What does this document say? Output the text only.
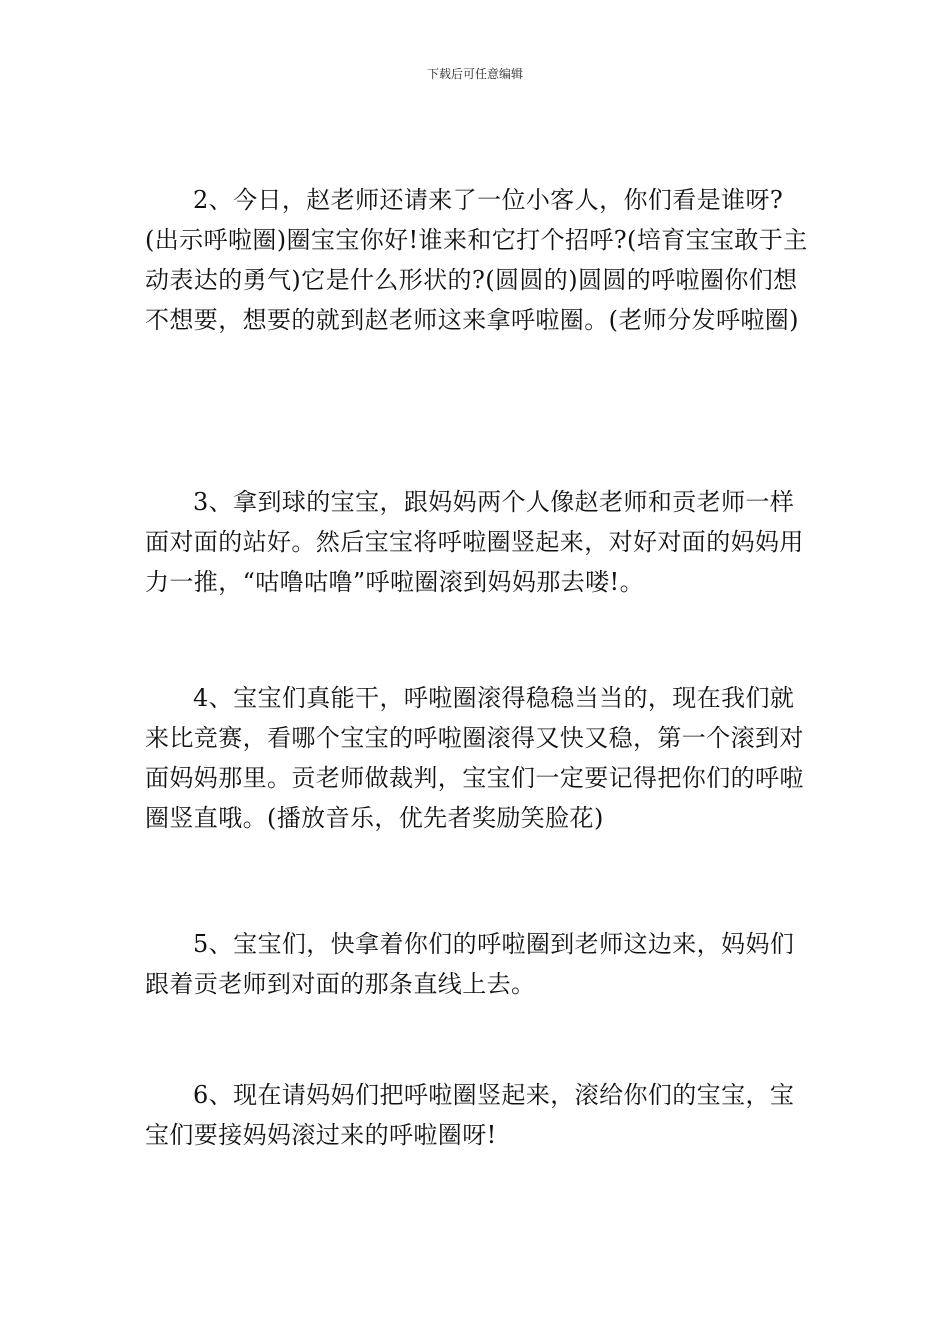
下载后可任意编辑

2、今日，赵老师还请来了一位小客人，你们看是谁呀?(出示呼啦圈)圈宝宝你好!谁来和它打个招呼?(培育宝宝敢于主动表达的勇气)它是什么形状的?(圆圆的)圆圆的呼啦圈你们想不想要，想要的就到赵老师这来拿呼啦圈。(老师分发呼啦圈)

3、拿到球的宝宝，跟妈妈两个人像赵老师和贡老师一样面对面的站好。然后宝宝将呼啦圈竖起来，对好对面的妈妈用力一推，“咕噜咕噜”呼啦圈滚到妈妈那去喽!。

4、宝宝们真能干，呼啦圈滚得稳稳当当的，现在我们就来比竞赛，看哪个宝宝的呼啦圈滚得又快又稳，第一个滚到对面妈妈那里。贡老师做裁判，宝宝们一定要记得把你们的呼啦圈竖直哦。(播放音乐，优先者奖励笑脸花)

5、宝宝们，快拿着你们的呼啦圈到老师这边来，妈妈们跟着贡老师到对面的那条直线上去。

6、现在请妈妈们把呼啦圈竖起来，滚给你们的宝宝，宝宝们要接妈妈滚过来的呼啦圈呀!
